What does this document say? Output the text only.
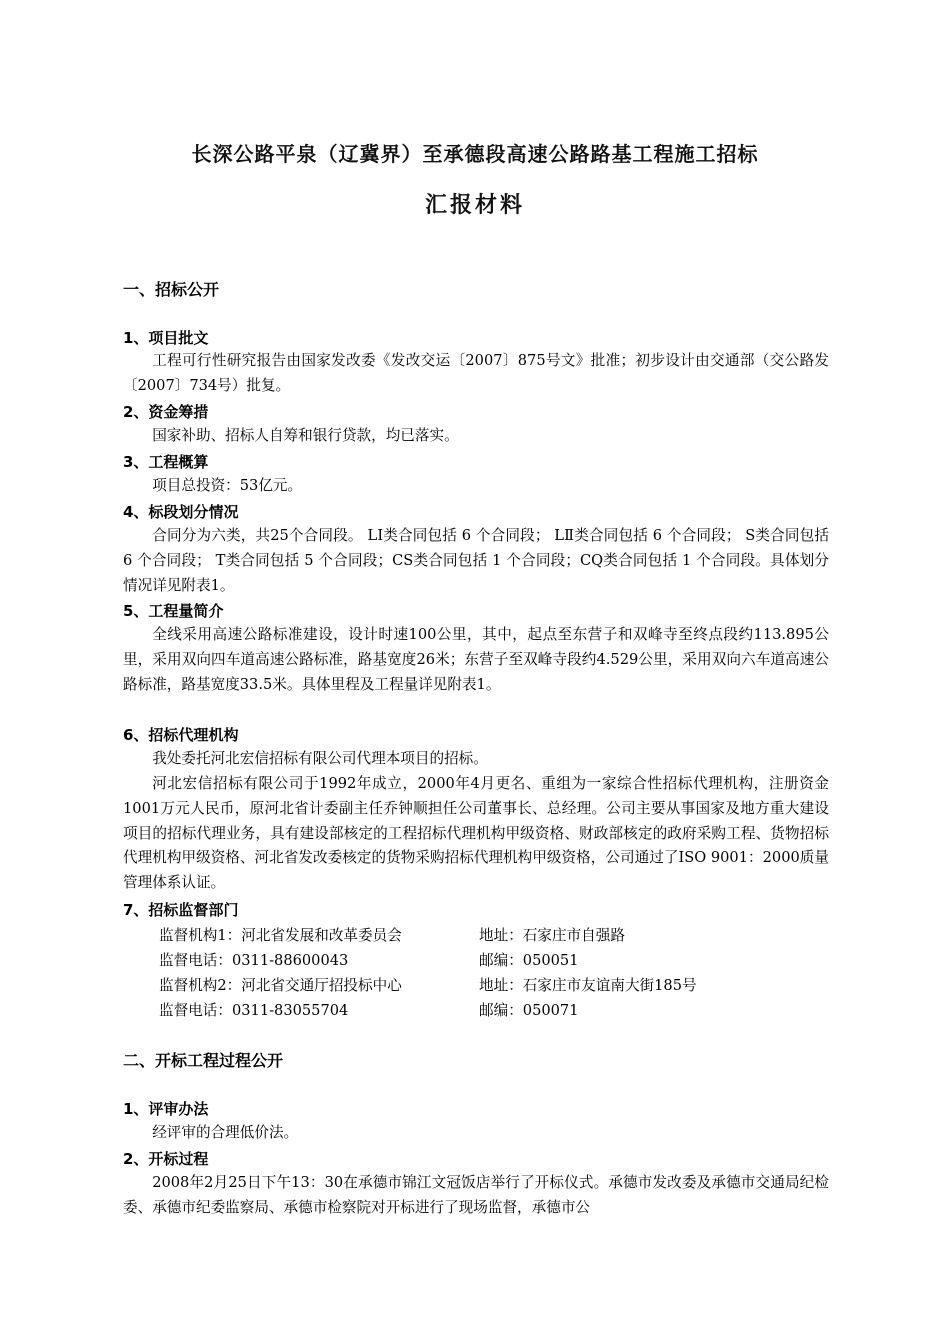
长深公路平泉（辽冀界）至承德段高速公路路基工程施工招标
汇报材料
一、招标公开
1、项目批文

工程可行性研究报告由国家发改委《发改交运〔2007〕875号文》批准；初步设计由交通部（交公路发〔2007〕734号）批复。

2、资金筹措

国家补助、招标人自筹和银行贷款，均已落实。

3、工程概算

项目总投资：53亿元。

4、标段划分情况

合同分为六类，共25个合同段。 LⅠ类合同包括 6 个合同段； LⅡ类合同包括 6 个合同段； S类合同包括 6 个合同段； T类合同包括 5 个合同段；CS类合同包括 1 个合同段；CQ类合同包括 1 个合同段。具体划分情况详见附表1。

5、工程量简介

全线采用高速公路标准建设，设计时速100公里，其中，起点至东营子和双峰寺至终点段约113.895公里，采用双向四车道高速公路标准，路基宽度26米；东营子至双峰寺段约4.529公里，采用双向六车道高速公路标准，路基宽度33.5米。具体里程及工程量详见附表1。

6、招标代理机构

我处委托河北宏信招标有限公司代理本项目的招标。

河北宏信招标有限公司于1992年成立，2000年4月更名、重组为一家综合性招标代理机构，注册资金1001万元人民币，原河北省计委副主任乔钟顺担任公司董事长、总经理。公司主要从事国家及地方重大建设项目的招标代理业务，具有建设部核定的工程招标代理机构甲级资格、财政部核定的政府采购工程、货物招标代理机构甲级资格、河北省发改委核定的货物采购招标代理机构甲级资格，公司通过了ISO 9001：2000质量管理体系认证。

7、招标监督部门
监督机构1：河北省发展和改革委员会	地址：石家庄市自强路
监督电话：0311-88600043	邮编：050051
监督机构2：河北省交通厅招投标中心	地址：石家庄市友谊南大街185号
监督电话：0311-83055704	邮编：050071
二、开标工程过程公开
1、评审办法

经评审的合理低价法。

2、开标过程

2008年2月25日下午13：30在承德市锦江文冠饭店举行了开标仪式。承德市发改委及承德市交通局纪检委、承德市纪委监察局、承德市检察院对开标进行了现场监督，承德市公
